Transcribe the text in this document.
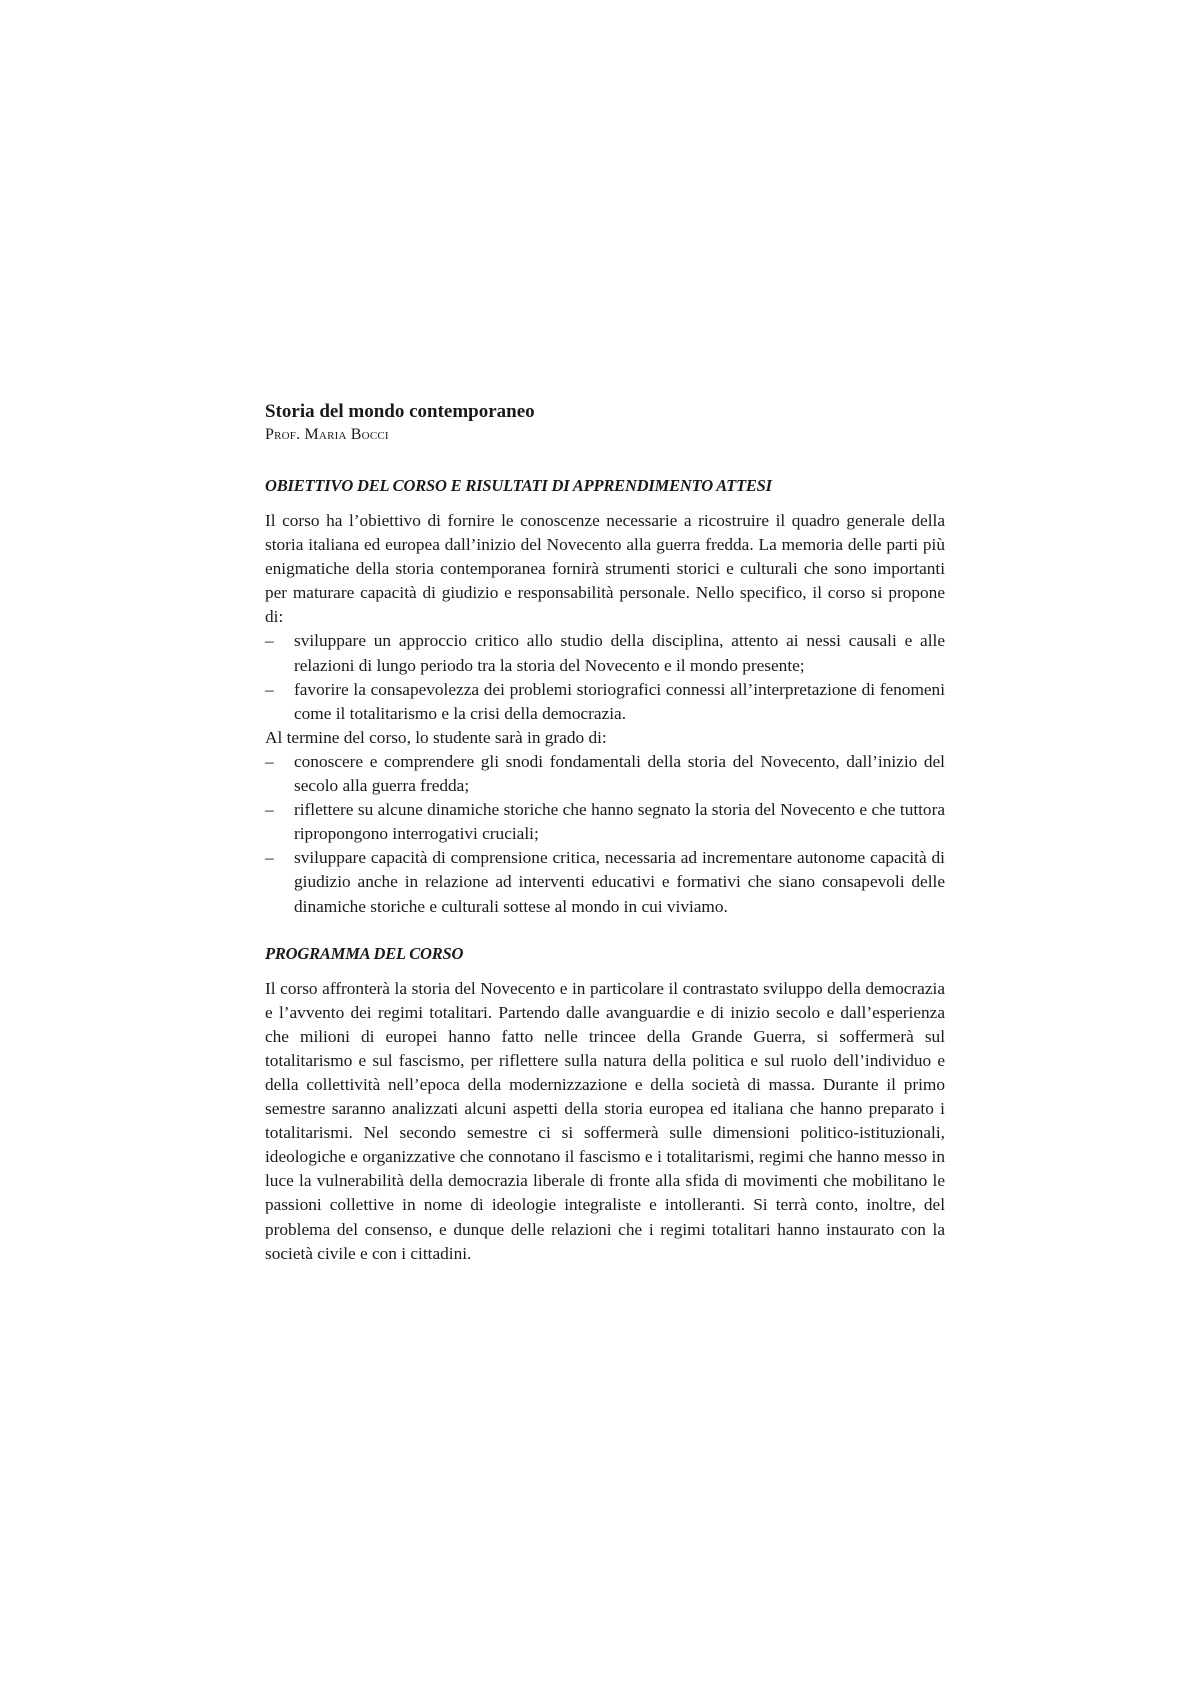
Storia del mondo contemporaneo

Prof. Maria Bocci

OBIETTIVO DEL CORSO E RISULTATI DI APPRENDIMENTO ATTESI

Il corso ha l’obiettivo di fornire le conoscenze necessarie a ricostruire il quadro generale della storia italiana ed europea dall’inizio del Novecento alla guerra fredda. La memoria delle parti più enigmatiche della storia contemporanea fornirà strumenti storici e culturali che sono importanti per maturare capacità di giudizio e responsabilità personale. Nello specifico, il corso si propone di:

– sviluppare un approccio critico allo studio della disciplina, attento ai nessi causali e alle relazioni di lungo periodo tra la storia del Novecento e il mondo presente;
– favorire la consapevolezza dei problemi storiografici connessi all’interpretazione di fenomeni come il totalitarismo e la crisi della democrazia.

Al termine del corso, lo studente sarà in grado di:

– conoscere e comprendere gli snodi fondamentali della storia del Novecento, dall’inizio del secolo alla guerra fredda;
– riflettere su alcune dinamiche storiche che hanno segnato la storia del Novecento e che tuttora ripropongono interrogativi cruciali;
– sviluppare capacità di comprensione critica, necessaria ad incrementare autonome capacità di giudizio anche in relazione ad interventi educativi e formativi che siano consapevoli delle dinamiche storiche e culturali sottese al mondo in cui viviamo.

PROGRAMMA DEL CORSO

Il corso affronterà la storia del Novecento e in particolare il contrastato sviluppo della democrazia e l’avvento dei regimi totalitari. Partendo dalle avanguardie e di inizio secolo e dall’esperienza che milioni di europei hanno fatto nelle trincee della Grande Guerra, si soffermerà sul totalitarismo e sul fascismo, per riflettere sulla natura della politica e sul ruolo dell’individuo e della collettività nell’epoca della modernizzazione e della società di massa. Durante il primo semestre saranno analizzati alcuni aspetti della storia europea ed italiana che hanno preparato i totalitarismi. Nel secondo semestre ci si soffermerà sulle dimensioni politico-istituzionali, ideologiche e organizzative che connotano il fascismo e i totalitarismi, regimi che hanno messo in luce la vulnerabilità della democrazia liberale di fronte alla sfida di movimenti che mobilitano le passioni collettive in nome di ideologie integraliste e intolleranti. Si terrà conto, inoltre, del problema del consenso, e dunque delle relazioni che i regimi totalitari hanno instaurato con la società civile e con i cittadini.
